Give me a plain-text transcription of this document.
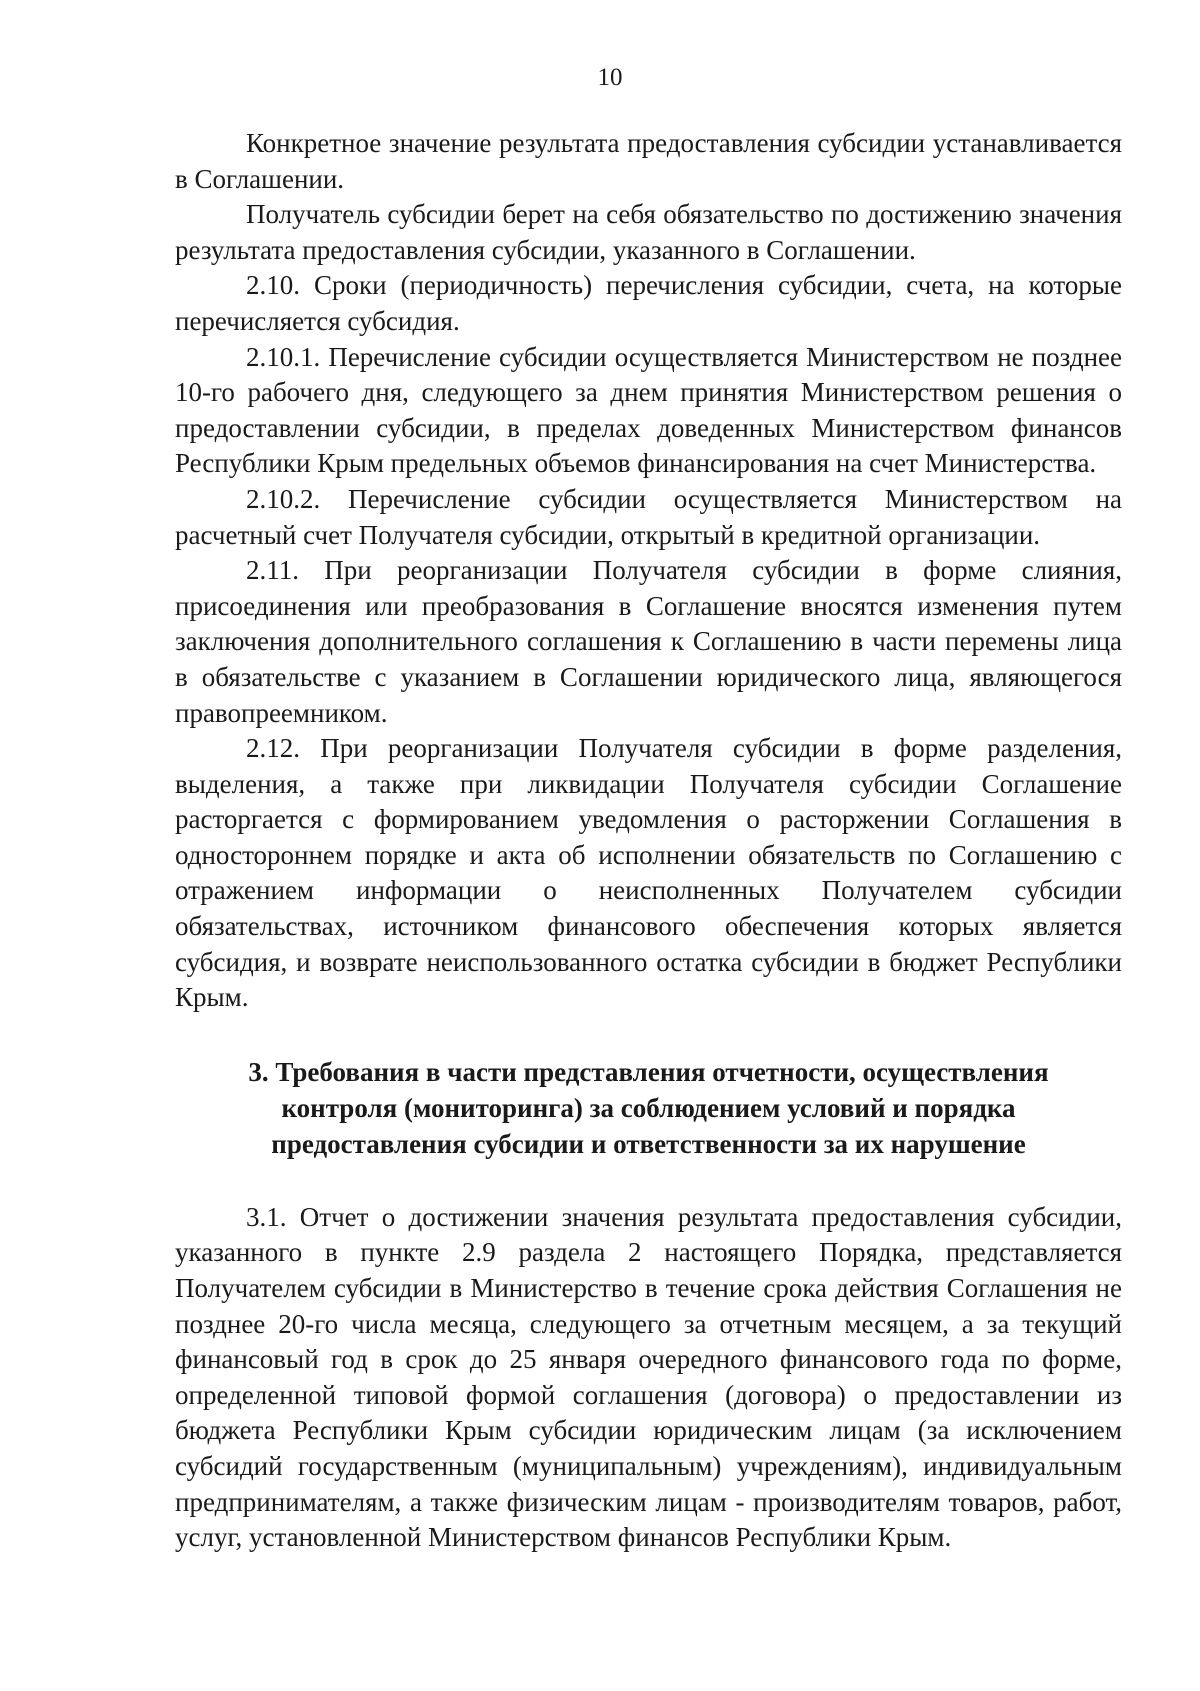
10

Конкретное значение результата предоставления субсидии устанавливается в Соглашении.

Получатель субсидии берет на себя обязательство по достижению значения результата предоставления субсидии, указанного в Соглашении.

2.10. Сроки (периодичность) перечисления субсидии, счета, на которые перечисляется субсидия.

2.10.1. Перечисление субсидии осуществляется Министерством не позднее 10-го рабочего дня, следующего за днем принятия Министерством решения о предоставлении субсидии, в пределах доведенных Министерством финансов Республики Крым предельных объемов финансирования на счет Министерства.

2.10.2. Перечисление субсидии осуществляется Министерством на расчетный счет Получателя субсидии, открытый в кредитной организации.

2.11. При реорганизации Получателя субсидии в форме слияния, присоединения или преобразования в Соглашение вносятся изменения путем заключения дополнительного соглашения к Соглашению в части перемены лица в обязательстве с указанием в Соглашении юридического лица, являющегося правопреемником.

2.12. При реорганизации Получателя субсидии в форме разделения, выделения, а также при ликвидации Получателя субсидии Соглашение расторгается с формированием уведомления о расторжении Соглашения в одностороннем порядке и акта об исполнении обязательств по Соглашению с отражением информации о неисполненных Получателем субсидии обязательствах, источником финансового обеспечения которых является субсидия, и возврате неиспользованного остатка субсидии в бюджет Республики Крым.

3. Требования в части представления отчетности, осуществления
контроля (мониторинга) за соблюдением условий и порядка
предоставления субсидии и ответственности за их нарушение

3.1. Отчет о достижении значения результата предоставления субсидии, указанного в пункте 2.9 раздела 2 настоящего Порядка, представляется Получателем субсидии в Министерство в течение срока действия Соглашения не позднее 20-го числа месяца, следующего за отчетным месяцем, а за текущий финансовый год в срок до 25 января очередного финансового года по форме, определенной типовой формой соглашения (договора) о предоставлении из бюджета Республики Крым субсидии юридическим лицам (за исключением субсидий государственным (муниципальным) учреждениям), индивидуальным предпринимателям, а также физическим лицам - производителям товаров, работ, услуг, установленной Министерством финансов Республики Крым.
